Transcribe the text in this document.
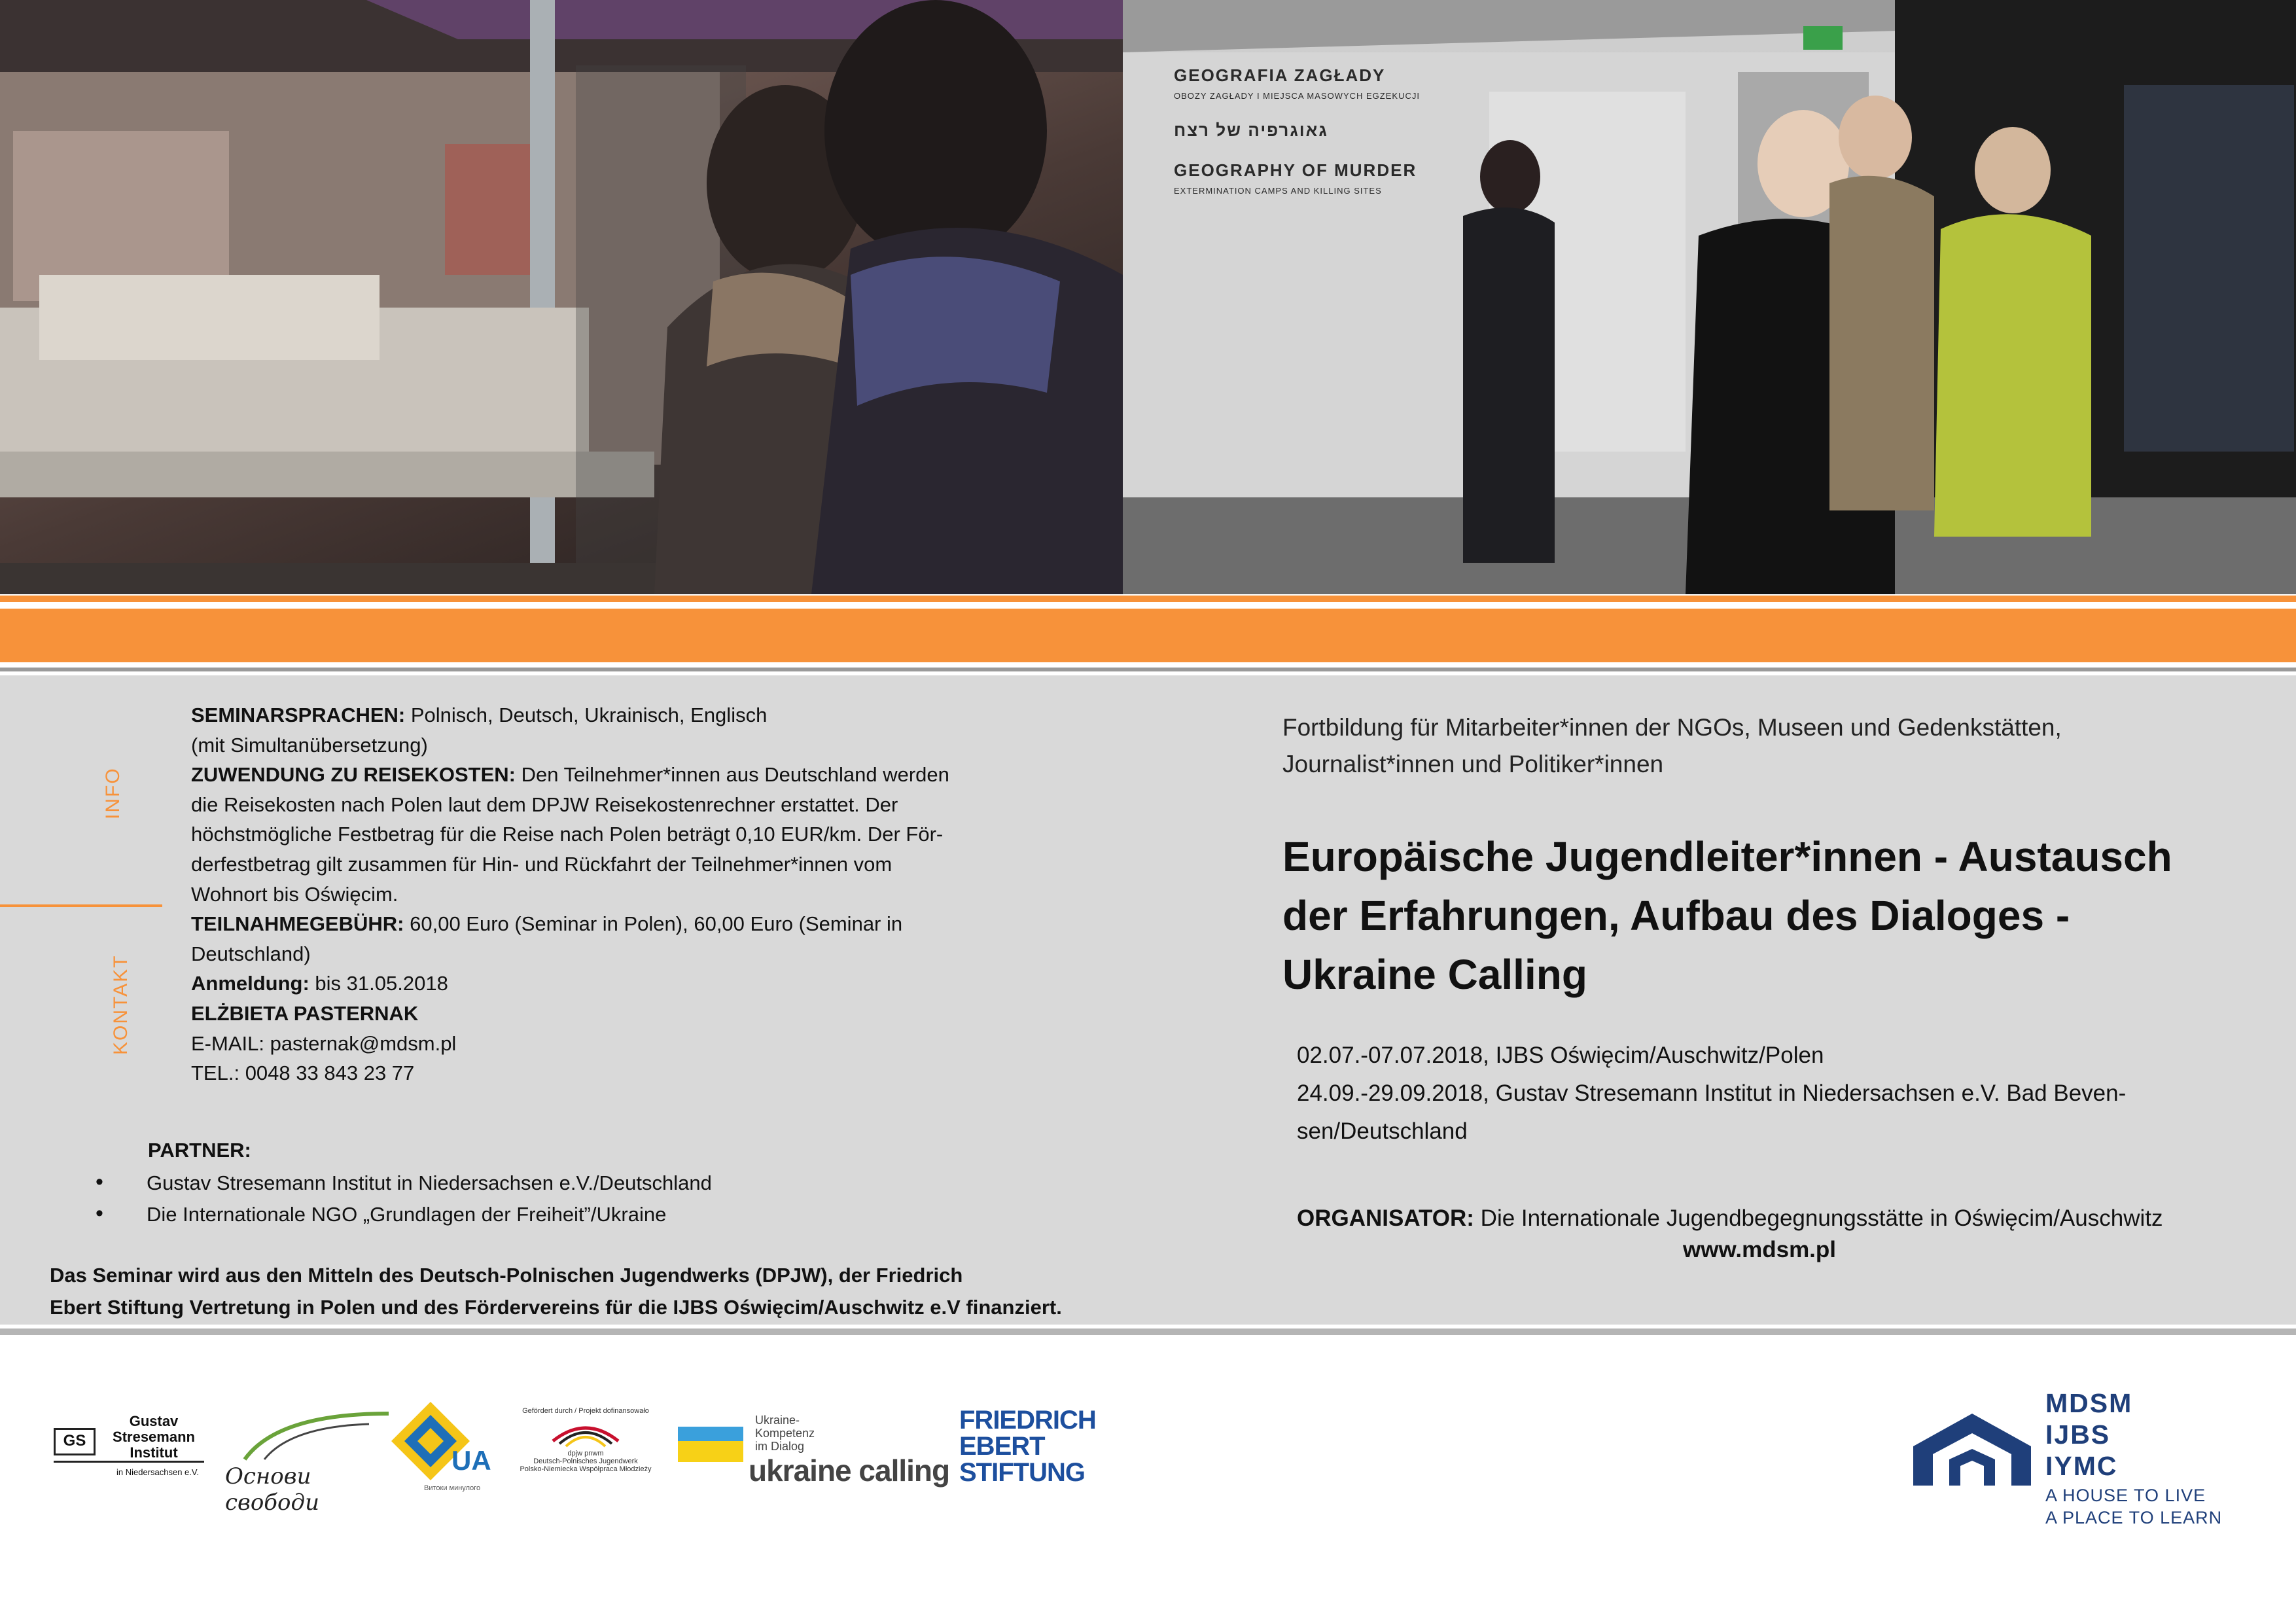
GEOGRAFIA ZAGŁADY
OBOZY ZAGŁADY I MIEJSCA MASOWYCH EGZEKUCJI
גאוגרפיה של רצח
GEOGRAPHY OF MURDER
EXTERMINATION CAMPS AND KILLING SITES
INFO
KONTAKT

SEMINARSPRACHEN: Polnisch, Deutsch, Ukrainisch, Englisch

(mit Simultanübersetzung)

ZUWENDUNG ZU REISEKOSTEN: Den Teilnehmer*innen aus Deutschland werden

die Reisekosten nach Polen laut dem DPJW Reisekostenrechner erstattet. Der

höchstmögliche Festbetrag für die Reise nach Polen beträgt 0,10 EUR/km. Der För-

derfestbetrag gilt zusammen für Hin- und Rückfahrt der Teilnehmer*innen vom

Wohnort bis Oświęcim.

TEILNAHMEGEBÜHR: 60,00 Euro (Seminar in Polen), 60,00 Euro (Seminar in

Deutschland)

Anmeldung: bis 31.05.2018

ELŻBIETA PASTERNAK

E-MAIL: pasternak@mdsm.pl

TEL.: 0048 33 843 23 77

PARTNER:
• Gustav Stresemann Institut in Niedersachsen e.V./Deutschland
• Die Internationale NGO „Grundlagen der Freiheit”/Ukraine
Das Seminar wird aus den Mitteln des Deutsch-Polnischen Jugendwerks (DPJW), der Friedrich
Ebert Stiftung Vertretung in Polen und des Fördervereins für die IJBS Oświęcim/Auschwitz e.V finanziert.
Fortbildung für Mitarbeiter*innen der NGOs, Museen und Gedenkstätten,
Journalist*innen und Politiker*innen
Europäische Jugendleiter*innen - Austausch
der Erfahrungen, Aufbau des Dialoges -
Ukraine Calling

02.07.-07.07.2018, IJBS Oświęcim/Auschwitz/Polen

24.09.-29.09.2018, Gustav Stresemann Institut in Niedersachsen e.V. Bad Beven-

sen/Deutschland

ORGANISATOR: Die Internationale Jugendbegegnungsstätte in Oświęcim/Auschwitz
www.mdsm.pl
GS
Gustav
Stresemann
Institut
in Niedersachsen e.V.	Основи свободи
UA
Витоки минулого
Gefördert durch / Projekt dofinansowało
dpjw pnwm
Deutsch-Polnisches Jugendwerk
Polsko-Niemiecka Współpraca Młodzieży
Ukraine-
Kompetenz
im Dialog
ukraine calling
FRIEDRICH
EBERT
STIFTUNG
MDSM
IJBS
IYMC
A HOUSE TO LIVE
A PLACE TO LEARN
